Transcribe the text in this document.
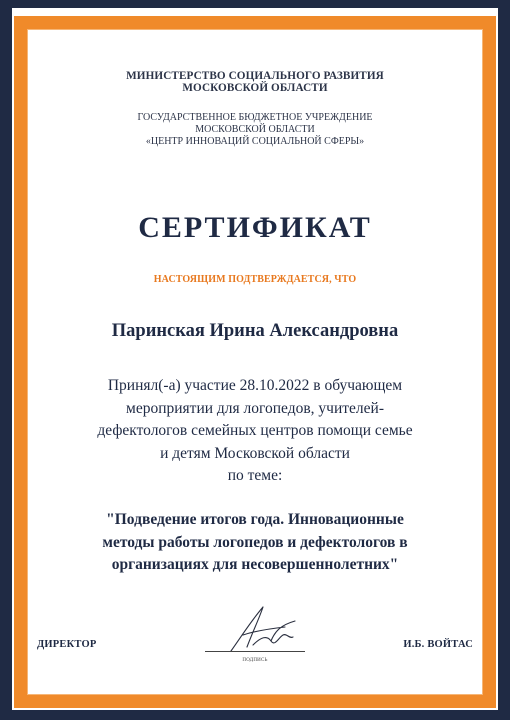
МИНИСТЕРСТВО СОЦИАЛЬНОГО РАЗВИТИЯ
МОСКОВСКОЙ ОБЛАСТИ
ГОСУДАРСТВЕННОЕ БЮДЖЕТНОЕ УЧРЕЖДЕНИЕ
МОСКОВСКОЙ ОБЛАСТИ
«ЦЕНТР ИННОВАЦИЙ СОЦИАЛЬНОЙ СФЕРЫ»
СЕРТИФИКАТ
НАСТОЯЩИМ ПОДТВЕРЖДАЕТСЯ, ЧТО
Паринская Ирина Александровна
Принял(-а) участие 28.10.2022 в обучающем
мероприятии для логопедов, учителей-
дефектологов семейных центров помощи семье
и детям Московской области
по теме:
"Подведение итогов года. Инновационные
методы работы логопедов и дефектологов в
организациях для несовершеннолетних"
ДИРЕКТОР
ПОДПИСЬ
И.Б. ВОЙТАС
